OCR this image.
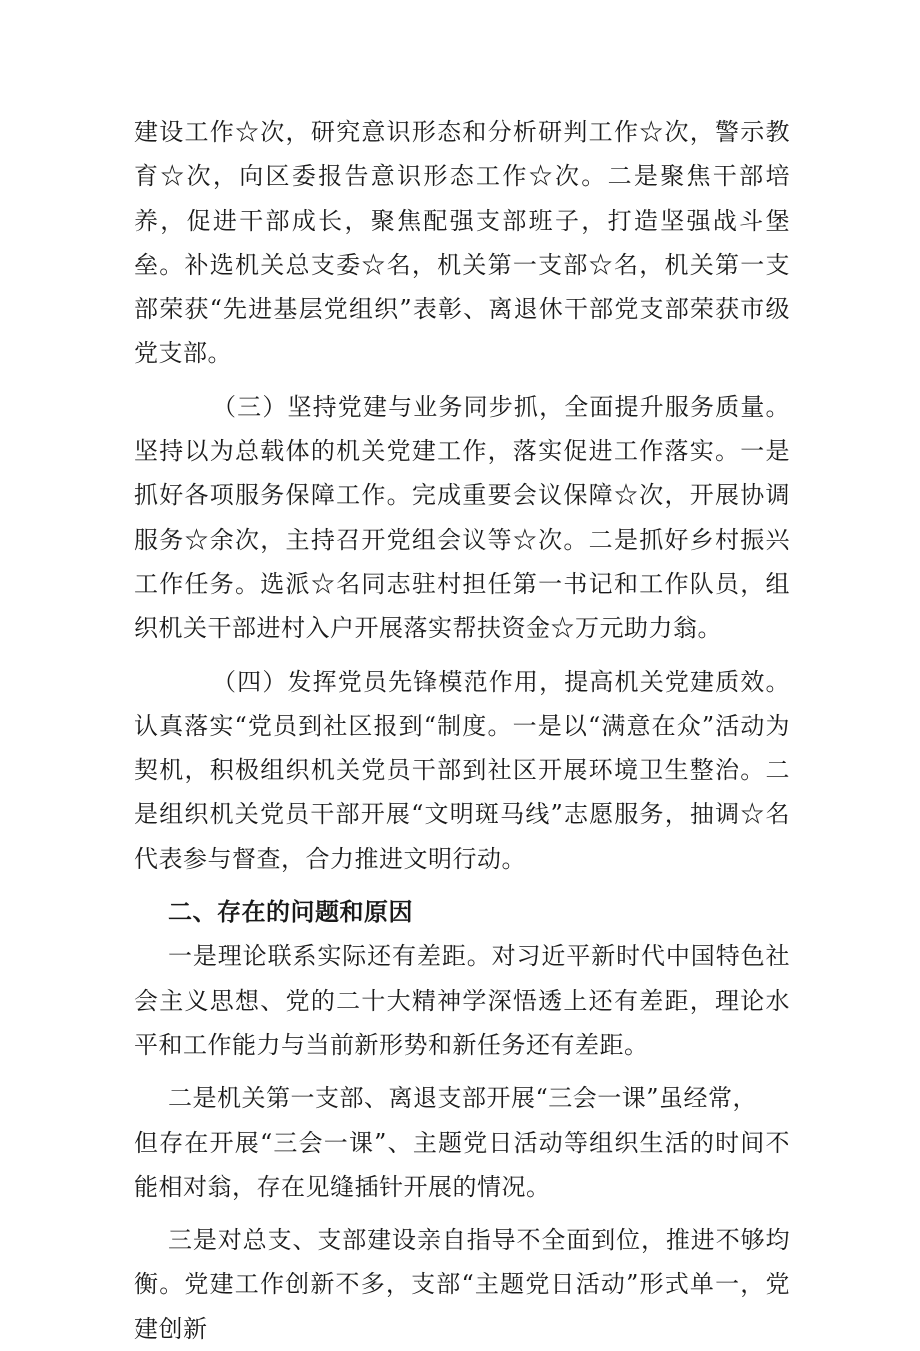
建设工作☆次，研究意识形态和分析研判工作☆次，警示教育☆次，向区委报告意识形态工作☆次。二是聚焦干部培养，促进干部成长，聚焦配强支部班子，打造坚强战斗堡垒。补选机关总支委☆名，机关第一支部☆名，机关第一支部荣获“先进基层党组织”表彰、离退休干部党支部荣获市级党支部。

（三）坚持党建与业务同步抓，全面提升服务质量。坚持以为总载体的机关党建工作，落实促进工作落实。一是抓好各项服务保障工作。完成重要会议保障☆次，开展协调服务☆余次，主持召开党组会议等☆次。二是抓好乡村振兴工作任务。选派☆名同志驻村担任第一书记和工作队员，组织机关干部进村入户开展落实帮扶资金☆万元助力翁。

（四）发挥党员先锋模范作用，提高机关党建质效。认真落实“党员到社区报到“制度。一是以“满意在众”活动为契机，积极组织机关党员干部到社区开展环境卫生整治。二是组织机关党员干部开展“文明斑马线”志愿服务，抽调☆名代表参与督查，合力推进文明行动。

二、存在的问题和原因

一是理论联系实际还有差距。对习近平新时代中国特色社会主义思想、党的二十大精神学深悟透上还有差距，理论水平和工作能力与当前新形势和新任务还有差距。

二是机关第一支部、离退支部开展“三会一课”虽经常，

但存在开展“三会一课”、主题党日活动等组织生活的时间不能相对翁，存在见缝插针开展的情况。

三是对总支、支部建设亲自指导不全面到位，推进不够均衡。党建工作创新不多，支部“主题党日活动”形式单一，党建创新
